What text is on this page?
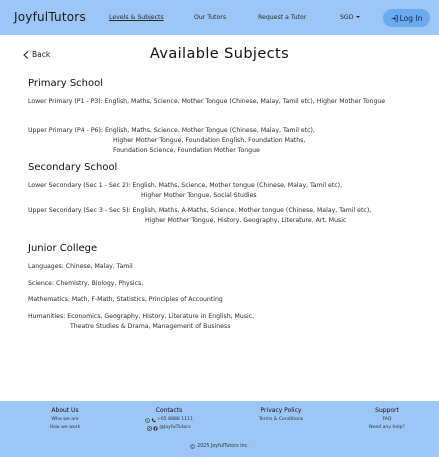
JoyfulTutors	Levels & Subjects	Our Tutors	Request a Tutor	SGD	Log In
Back	Available Subjects
Primary School
Lower Primary (P1 - P3): English, Maths, Science, Mother Tongue (Chinese, Malay, Tamil etc), Higher Mother Tongue
Upper Primary (P4 - P6): English, Maths, Science, Mother Tongue (Chinese, Malay, Tamil etc),
Higher Mother Tongue, Foundation English, Foundation Maths,
Foundation Science, Foundation Mother Tongue
Secondary School
Lower Secondary (Sec 1 - Sec 2): English, Maths, Science, Mother tongue (Chinese, Malay, Tamil etc),
Higher Mother Tongue, Social Studies
Upper Secondary (Sec 3 - Sec 5): English, Maths, A-Maths, Science, Mother tongue (Chinese, Malay, Tamil etc),
Higher Mother Tongue, History, Geography, Literature, Art, Music
Junior College
Languages: Chinese, Malay, Tamil
Science: Chemistry, Biology, Physics,
Mathematics: Math, F-Math, Statistics, Principles of Accounting
Humanities: Economics, Geography, History, Literature in English, Music,
Theatre Studies & Drama, Management of Business
About Us
Who we are
How we work
Contacts
+65 8888 1111
@JoyfulTutors
Privacy Policy
Terms & Conditions
Support
FAQ
Need any help?
2025 JoyfulTutors Inc.
